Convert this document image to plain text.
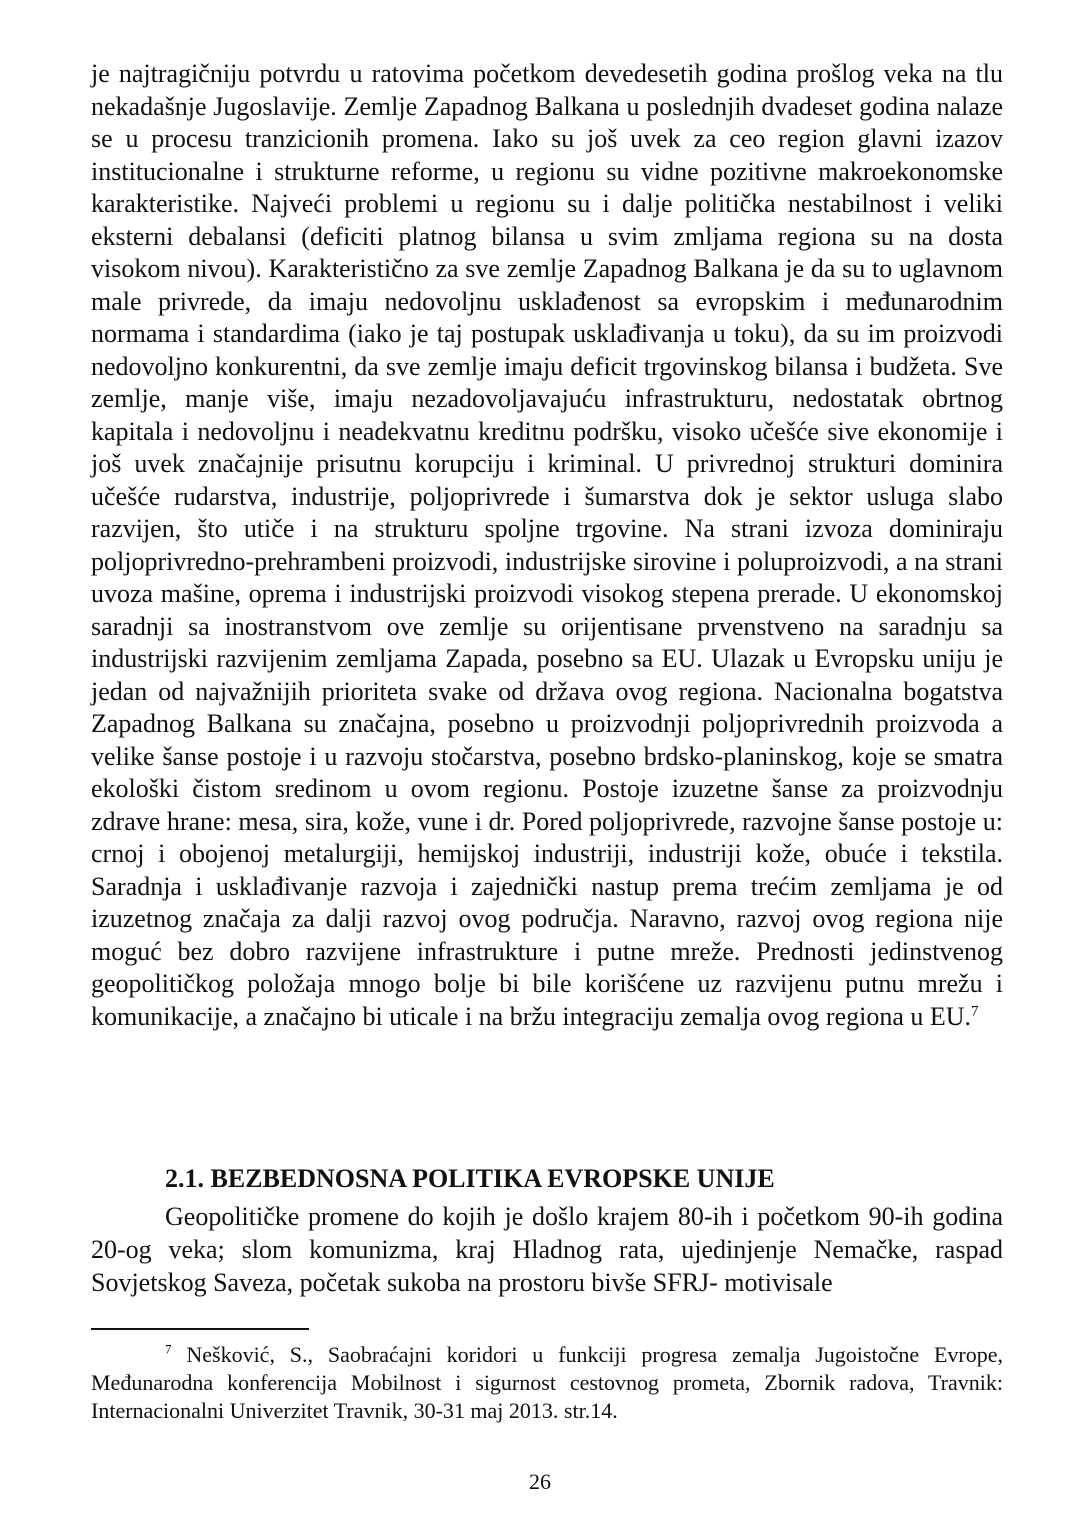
je najtragičniju potvrdu u ratovima početkom devedesetih godina prošlog veka na tlu nekadašnje Jugoslavije. Zemlje Zapadnog Balkana u poslednjih dvadeset godina nalaze se u procesu tranzicionih promena. Iako su još uvek za ceo region glavni izazov institucionalne i strukturne reforme, u regionu su vidne pozitivne makroekonomske karakteristike. Najveći problemi u regionu su i dalje politička nestabilnost i veliki eksterni debalansi (deficiti platnog bilansa u svim zmljama regiona su na dosta visokom nivou). Karakteristično za sve zemlje Zapadnog Balkana je da su to uglavnom male privrede, da imaju nedovoljnu usklađenost sa evropskim i međunarodnim normama i standardima (iako je taj postupak usklađivanja u toku), da su im proizvodi nedovoljno konkurentni, da sve zemlje imaju deficit trgovinskog bilansa i budžeta. Sve zemlje, manje više, imaju nezadovoljavajuću infrastrukturu, nedostatak obrtnog kapitala i nedovoljnu i neadekvatnu kreditnu podršku, visoko učešće sive ekonomije i još uvek značajnije prisutnu korupciju i kriminal. U privrednoj strukturi dominira učešće rudarstva, industrije, poljoprivrede i šumarstva dok je sektor usluga slabo razvijen, što utiče i na strukturu spoljne trgovine. Na strani izvoza dominiraju poljoprivredno-prehrambeni proizvodi, industrijske sirovine i poluproizvodi, a na strani uvoza mašine, oprema i industrijski proizvodi visokog stepena prerade. U ekonomskoj saradnji sa inostranstvom ove zemlje su orijentisane prvenstveno na saradnju sa industrijski razvijenim zemljama Zapada, posebno sa EU. Ulazak u Evropsku uniju je jedan od najvažnijih prioriteta svake od država ovog regiona. Nacionalna bogatstva Zapadnog Balkana su značajna, posebno u proizvodnji poljoprivrednih proizvoda a velike šanse postoje i u razvoju stočarstva, posebno brdsko-planinskog, koje se smatra ekološki čistom sredinom u ovom regionu. Postoje izuzetne šanse za proizvodnju zdrave hrane: mesa, sira, kože, vune i dr. Pored poljoprivrede, razvojne šanse postoje u: crnoj i obojenoj metalurgiji, hemijskoj industriji, industriji kože, obuće i tekstila. Saradnja i usklađivanje razvoja i zajednički nastup prema trećim zemljama je od izuzetnog značaja za dalji razvoj ovog područja. Naravno, razvoj ovog regiona nije moguć bez dobro razvijene infrastrukture i putne mreže. Prednosti jedinstvenog geopolitičkog položaja mnogo bolje bi bile korišćene uz razvijenu putnu mrežu i komunikacije, a značajno bi uticale i na bržu integraciju zemalja ovog regiona u EU.$^7$

2.1. BEZBEDNOSNA POLITIKA EVROPSKE UNIJE

Geopolitičke promene do kojih je došlo krajem 80-ih i početkom 90-ih godina 20-og veka; slom komunizma, kraj Hladnog rata, ujedinjenje Nemačke, raspad Sovjetskog Saveza, početak sukoba na prostoru bivše SFRJ- motivisale

$^7$ Nešković, S., Saobraćajni koridori u funkciji progresa zemalja Jugoistočne Evrope, Međunarodna konferencija Mobilnost i sigurnost cestovnog prometa, Zbornik radova, Travnik: Internacionalni Univerzitet Travnik, 30-31 maj 2013. str.14.

26
